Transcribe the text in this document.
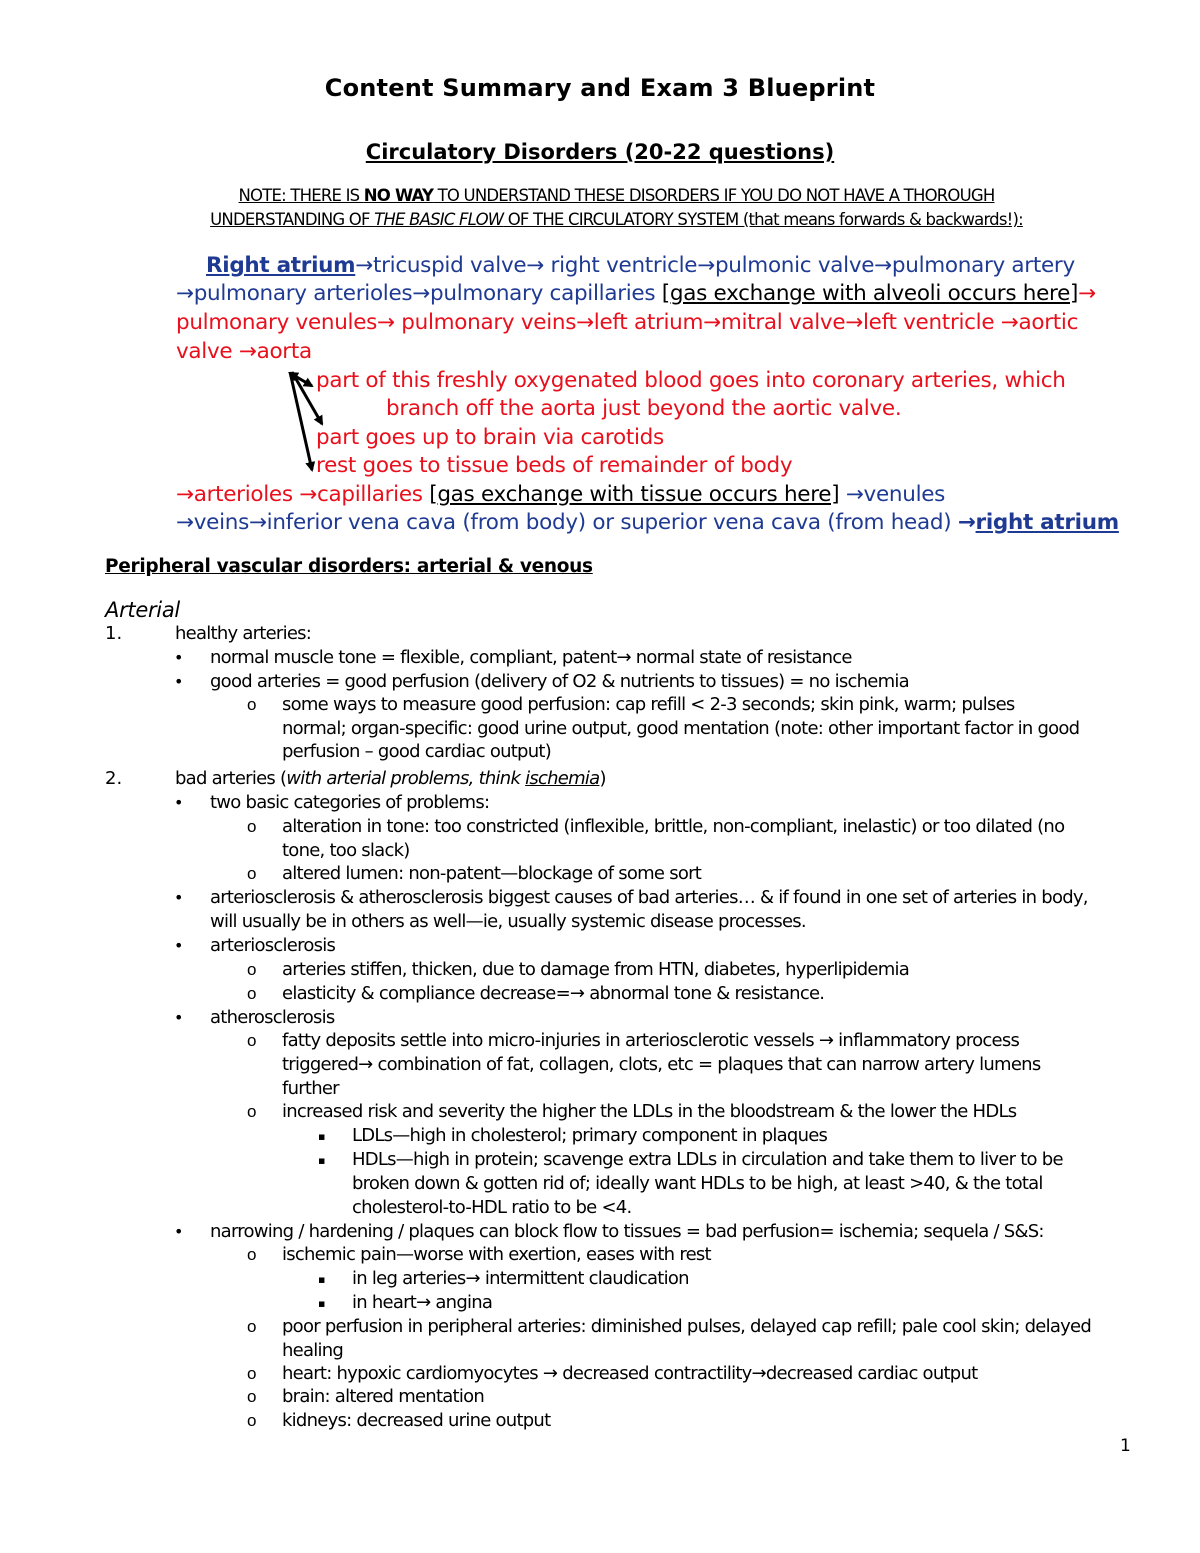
Content Summary and Exam 3 Blueprint
Circulatory Disorders (20-22 questions)
NOTE: THERE IS NO WAY TO UNDERSTAND THESE DISORDERS IF YOU DO NOT HAVE A THOROUGH
UNDERSTANDING OF THE BASIC FLOW OF THE CIRCULATORY SYSTEM (that means forwards & backwards!):
Right atrium→tricuspid valve→ right ventricle→pulmonic valve→pulmonary artery
→pulmonary arterioles→pulmonary capillaries [gas exchange with alveoli occurs here]→
pulmonary venules→ pulmonary veins→left atrium→mitral valve→left ventricle →aortic
valve →aorta
part of this freshly oxygenated blood goes into coronary arteries, which
branch off the aorta just beyond the aortic valve.
part goes up to brain via carotids
rest goes to tissue beds of remainder of body
→arterioles →capillaries [gas exchange with tissue occurs here] →venules
→veins→inferior vena cava (from body) or superior vena cava (from head) →right atrium
Peripheral vascular disorders: arterial & venous
Arterial
1.	healthy arteries:
• normal muscle tone = flexible, compliant, patent→ normal state of resistance
• good arteries = good perfusion (delivery of O2 & nutrients to tissues) = no ischemia
o some ways to measure good perfusion: cap refill < 2-3 seconds; skin pink, warm; pulses
normal; organ-specific: good urine output, good mentation (note: other important factor in good
perfusion – good cardiac output)
2.	bad arteries (with arterial problems, think ischemia)
• two basic categories of problems:
o alteration in tone: too constricted (inflexible, brittle, non-compliant, inelastic) or too dilated (no
tone, too slack)
o altered lumen: non-patent—blockage of some sort
• arteriosclerosis & atherosclerosis biggest causes of bad arteries… & if found in one set of arteries in body,
will usually be in others as well—ie, usually systemic disease processes.
• arteriosclerosis
o arteries stiffen, thicken, due to damage from HTN, diabetes, hyperlipidemia
o elasticity & compliance decrease=→ abnormal tone & resistance.
• atherosclerosis
o fatty deposits settle into micro-injuries in arteriosclerotic vessels → inflammatory process
triggered→ combination of fat, collagen, clots, etc = plaques that can narrow artery lumens
further
o increased risk and severity the higher the LDLs in the bloodstream & the lower the HDLs
▪ LDLs—high in cholesterol; primary component in plaques
▪ HDLs—high in protein; scavenge extra LDLs in circulation and take them to liver to be
broken down & gotten rid of; ideally want HDLs to be high, at least >40, & the total
cholesterol-to-HDL ratio to be <4.
• narrowing / hardening / plaques can block flow to tissues = bad perfusion= ischemia; sequela / S&S:
o ischemic pain—worse with exertion, eases with rest
▪ in leg arteries→ intermittent claudication
▪ in heart→ angina
o poor perfusion in peripheral arteries: diminished pulses, delayed cap refill; pale cool skin; delayed
healing
o heart: hypoxic cardiomyocytes → decreased contractility→decreased cardiac output
o brain: altered mentation
o kidneys: decreased urine output
1
